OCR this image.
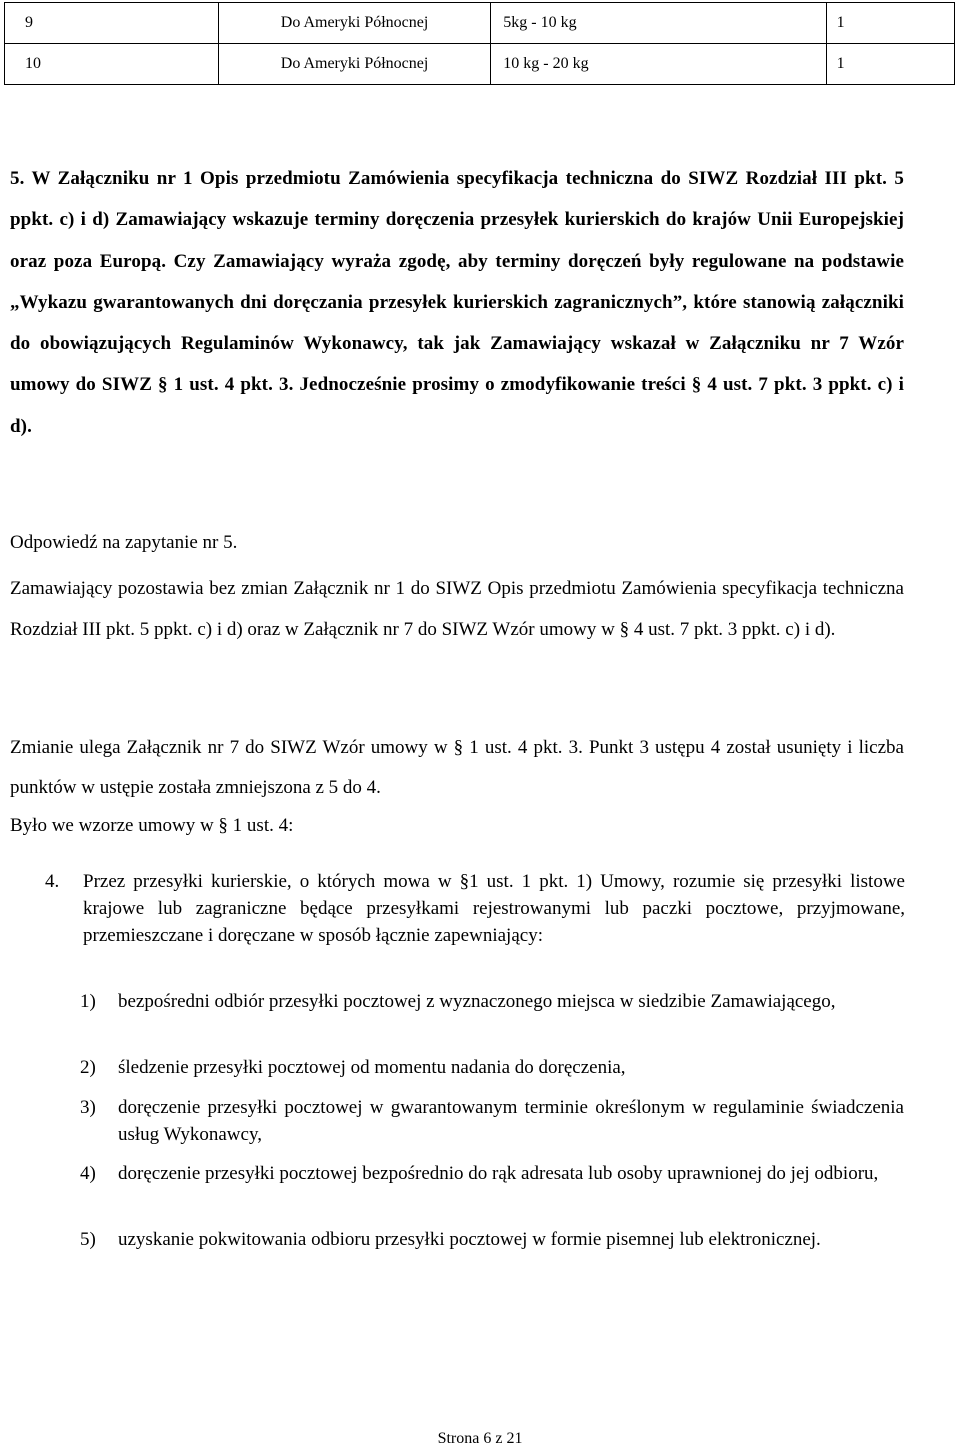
9	Do Ameryki Północnej	5kg - 10 kg	1
10	Do Ameryki Północnej	10 kg - 20 kg	1

5. W Załączniku nr 1 Opis przedmiotu Zamówienia specyfikacja techniczna do SIWZ Rozdział III pkt. 5 ppkt. c) i d) Zamawiający wskazuje terminy doręczenia przesyłek kurierskich do krajów Unii Europejskiej oraz poza Europą. Czy Zamawiający wyraża zgodę, aby terminy doręczeń były regulowane na podstawie „Wykazu gwarantowanych dni doręczania przesyłek kurierskich zagranicznych”, które stanowią załączniki do obowiązujących Regulaminów Wykonawcy, tak jak Zamawiający wskazał w Załączniku nr 7 Wzór umowy do SIWZ § 1 ust. 4 pkt. 3. Jednocześnie prosimy o zmodyfikowanie treści § 4 ust. 7 pkt. 3 ppkt. c) i d).

Odpowiedź na zapytanie nr 5.

Zamawiający pozostawia bez zmian Załącznik nr 1 do SIWZ Opis przedmiotu Zamówienia specyfikacja techniczna Rozdział III pkt. 5 ppkt. c) i d) oraz w Załącznik nr 7 do SIWZ Wzór umowy w § 4 ust. 7 pkt. 3 ppkt. c) i d).

Zmianie ulega Załącznik nr 7 do SIWZ Wzór umowy w § 1 ust. 4 pkt. 3. Punkt 3 ustępu 4 został usunięty i liczba punktów w ustępie została zmniejszona z 5 do 4.

Było we wzorze umowy w § 1 ust. 4:

4. Przez przesyłki kurierskie, o których mowa w §1 ust. 1 pkt. 1) Umowy, rozumie się przesyłki listowe krajowe lub zagraniczne będące przesyłkami rejestrowanymi lub paczki pocztowe, przyjmowane, przemieszczane i doręczane w sposób łącznie zapewniający:
1) bezpośredni odbiór przesyłki pocztowej z wyznaczonego miejsca w siedzibie Zamawiającego,
2) śledzenie przesyłki pocztowej od momentu nadania do doręczenia,
3) doręczenie przesyłki pocztowej w gwarantowanym terminie określonym w regulaminie świadczenia usług Wykonawcy,
4) doręczenie przesyłki pocztowej bezpośrednio do rąk adresata lub osoby uprawnionej do jej odbioru,
5) uzyskanie pokwitowania odbioru przesyłki pocztowej w formie pisemnej lub elektronicznej.
Strona 6 z 21
